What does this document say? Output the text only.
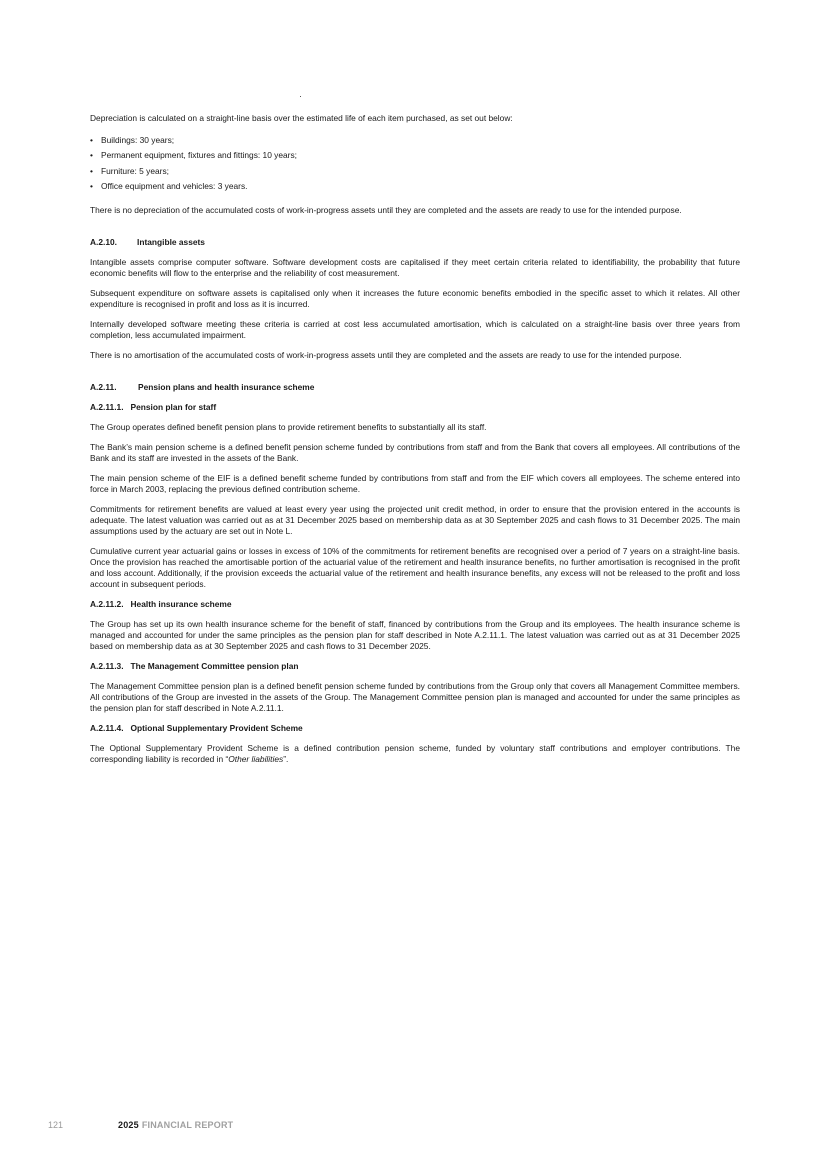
Depreciation is calculated on a straight-line basis over the estimated life of each item purchased, as set out below:

• Buildings: 30 years;
• Permanent equipment, fixtures and fittings: 10 years;
• Furniture: 5 years;
• Office equipment and vehicles: 3 years.

There is no depreciation of the accumulated costs of work-in-progress assets until they are completed and the assets are ready to use for the intended purpose.

A.2.10. Intangible assets

Intangible assets comprise computer software. Software development costs are capitalised if they meet certain criteria related to identifiability, the probability that future economic benefits will flow to the enterprise and the reliability of cost measurement.

Subsequent expenditure on software assets is capitalised only when it increases the future economic benefits embodied in the specific asset to which it relates. All other expenditure is recognised in profit and loss as it is incurred.

Internally developed software meeting these criteria is carried at cost less accumulated amortisation, which is calculated on a straight-line basis over three years from completion, less accumulated impairment.

There is no amortisation of the accumulated costs of work-in-progress assets until they are completed and the assets are ready to use for the intended purpose.

A.2.11.	Pension plans and health insurance scheme
A.2.11.1.   Pension plan for staff

The Group operates defined benefit pension plans to provide retirement benefits to substantially all its staff.

The Bank’s main pension scheme is a defined benefit pension scheme funded by contributions from staff and from the Bank that covers all employees. All contributions of the Bank and its staff are invested in the assets of the Bank.

The main pension scheme of the EIF is a defined benefit scheme funded by contributions from staff and from the EIF which covers all employees. The scheme entered into force in March 2003, replacing the previous defined contribution scheme.

Commitments for retirement benefits are valued at least every year using the projected unit credit method, in order to ensure that the provision entered in the accounts is adequate. The latest valuation was carried out as at 31 December 2025 based on membership data as at 30 September 2025 and cash flows to 31 December 2025. The main assumptions used by the actuary are set out in Note L.

Cumulative current year actuarial gains or losses in excess of 10% of the commitments for retirement benefits are recognised over a period of 7 years on a straight-line basis. Once the provision has reached the amortisable portion of the actuarial value of the retirement and health insurance benefits, no further amortisation is recognised in the profit and loss account. Additionally, if the provision exceeds the actuarial value of the retirement and health insurance benefits, any excess will not be released to the profit and loss account in subsequent periods.

A.2.11.2.   Health insurance scheme

The Group has set up its own health insurance scheme for the benefit of staff, financed by contributions from the Group and its employees. The health insurance scheme is managed and accounted for under the same principles as the pension plan for staff described in Note A.2.11.1. The latest valuation was carried out as at 31 December 2025 based on membership data as at 30 September 2025 and cash flows to 31 December 2025.

A.2.11.3.   The Management Committee pension plan

The Management Committee pension plan is a defined benefit pension scheme funded by contributions from the Group only that covers all Management Committee members. All contributions of the Group are invested in the assets of the Group. The Management Committee pension plan is managed and accounted for under the same principles as the pension plan for staff described in Note A.2.11.1.

A.2.11.4.   Optional Supplementary Provident Scheme

The Optional Supplementary Provident Scheme is a defined contribution pension scheme, funded by voluntary staff contributions and employer contributions. The corresponding liability is recorded in “Other liabilities”.

121	2025 FINANCIAL REPORT
